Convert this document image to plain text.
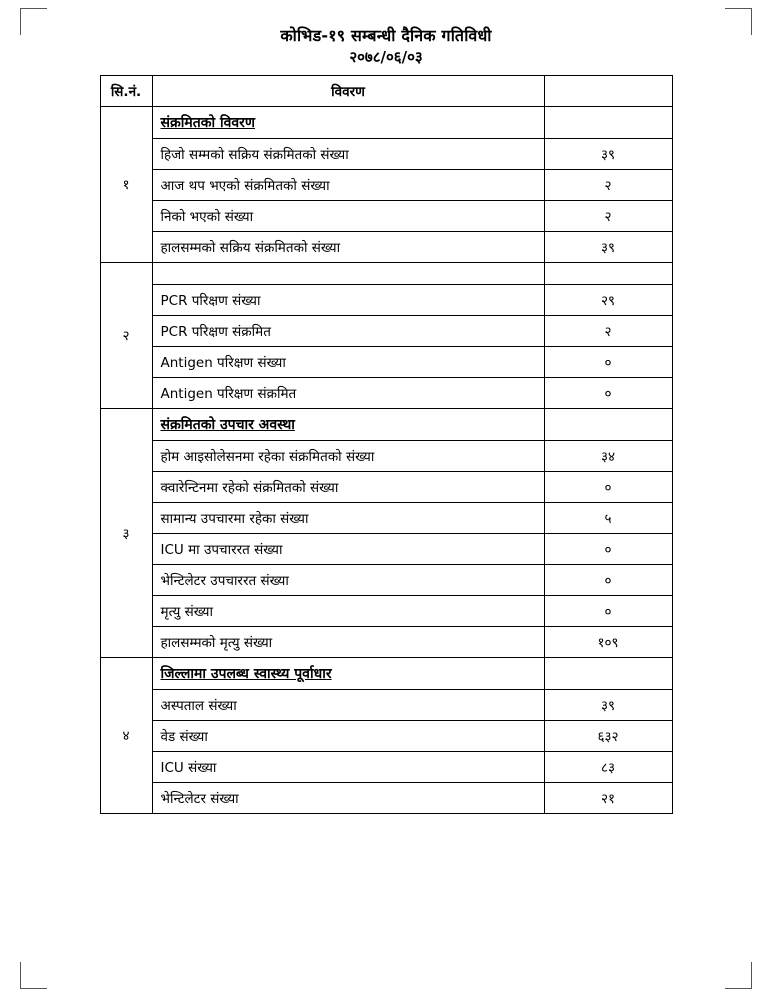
कोभिड-१९ सम्बन्धी दैनिक गतिविधी
२०७८/०६/०३
सि.नं.	विवरण	
१	संक्रमितको विवरण	
	हिजो सम्मको सक्रिय संक्रमितको संख्या	३९
	आज थप भएको संक्रमितको संख्या	२
	निको भएको संख्या	२
	हालसम्मको सक्रिय संक्रमितको संख्या	३९
२		
	PCR परिक्षण संख्या	२९
	PCR परिक्षण संक्रमित	२
	Antigen परिक्षण संख्या	०
	Antigen परिक्षण संक्रमित	०
३	संक्रमितको उपचार अवस्था	
	होम आइसोलेसनमा रहेका संक्रमितको संख्या	३४
	क्वारेन्टिनमा रहेको संक्रमितको संख्या	०
	सामान्य उपचारमा रहेका संख्या	५
	ICU मा उपचाररत संख्या	०
	भेन्टिलेटर उपचाररत संख्या	०
	मृत्यु संख्या	०
	हालसम्मको मृत्यु संख्या	१०९
४	जिल्लामा उपलब्ध स्वास्थ्य पूर्वाधार	
	अस्पताल संख्या	३९
	वेड संख्या	६३२
	ICU संख्या	८३
	भेन्टिलेटर संख्या	२१
